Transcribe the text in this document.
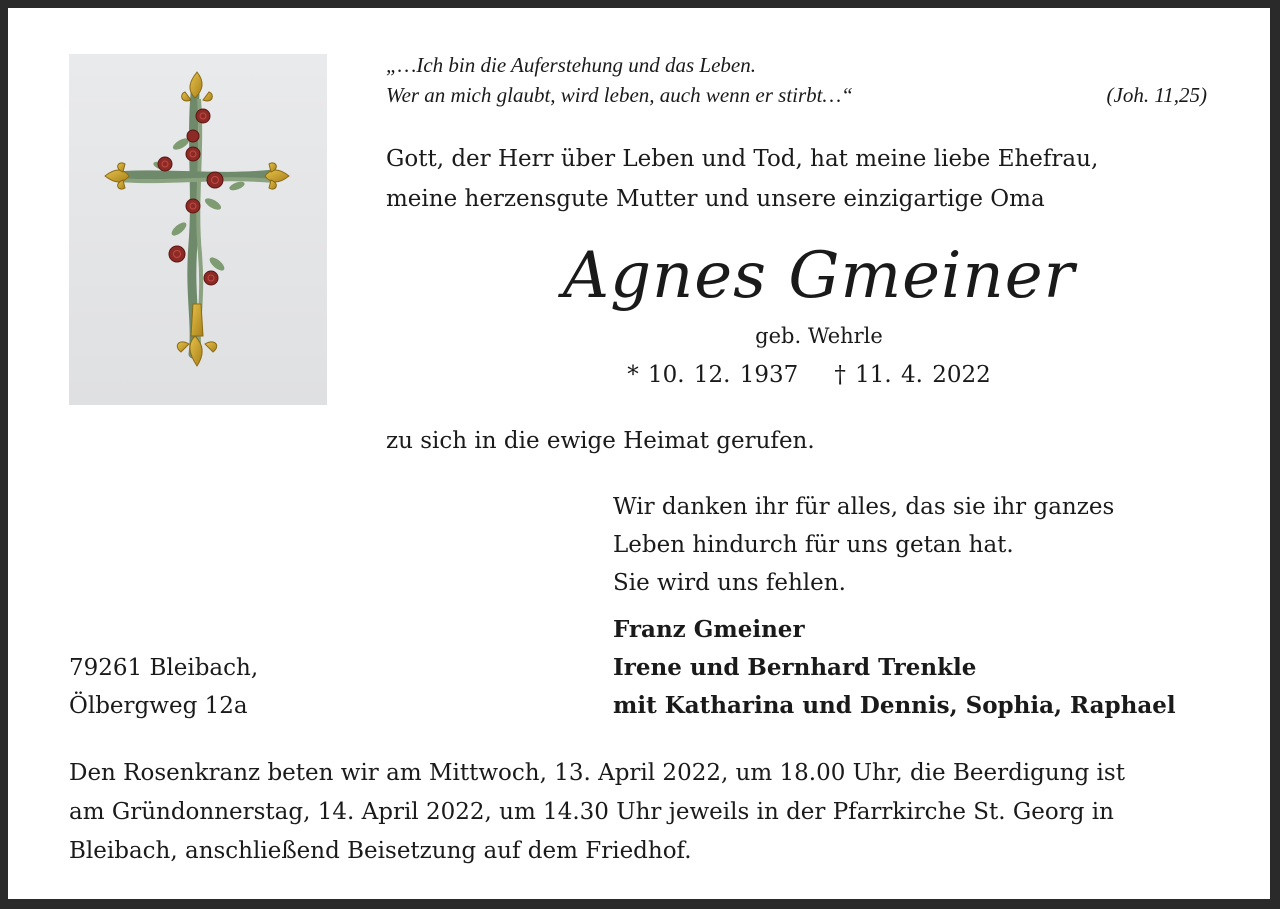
„…Ich bin die Auferstehung und das Leben.
Wer an mich glaubt, wird leben, auch wenn er stirbt…“	(Joh. 11,25)
Gott, der Herr über Leben und Tod, hat meine liebe Ehefrau,
meine herzensgute Mutter und unsere einzigartige Oma
Agnes Gmeiner
geb. Wehrle
* 10. 12. 1937 † 11. 4. 2022
zu sich in die ewige Heimat gerufen.
Wir danken ihr für alles, das sie ihr ganzes
Leben hindurch für uns getan hat.
Sie wird uns fehlen.
Franz Gmeiner
Irene und Bernhard Trenkle
mit Katharina und Dennis, Sophia, Raphael
79261 Bleibach,
Ölbergweg 12a
Den Rosenkranz beten wir am Mittwoch, 13. April 2022, um 18.00 Uhr, die Beerdigung ist
am Gründonnerstag, 14. April 2022, um 14.30 Uhr jeweils in der Pfarrkirche St. Georg in
Bleibach, anschließend Beisetzung auf dem Friedhof.
